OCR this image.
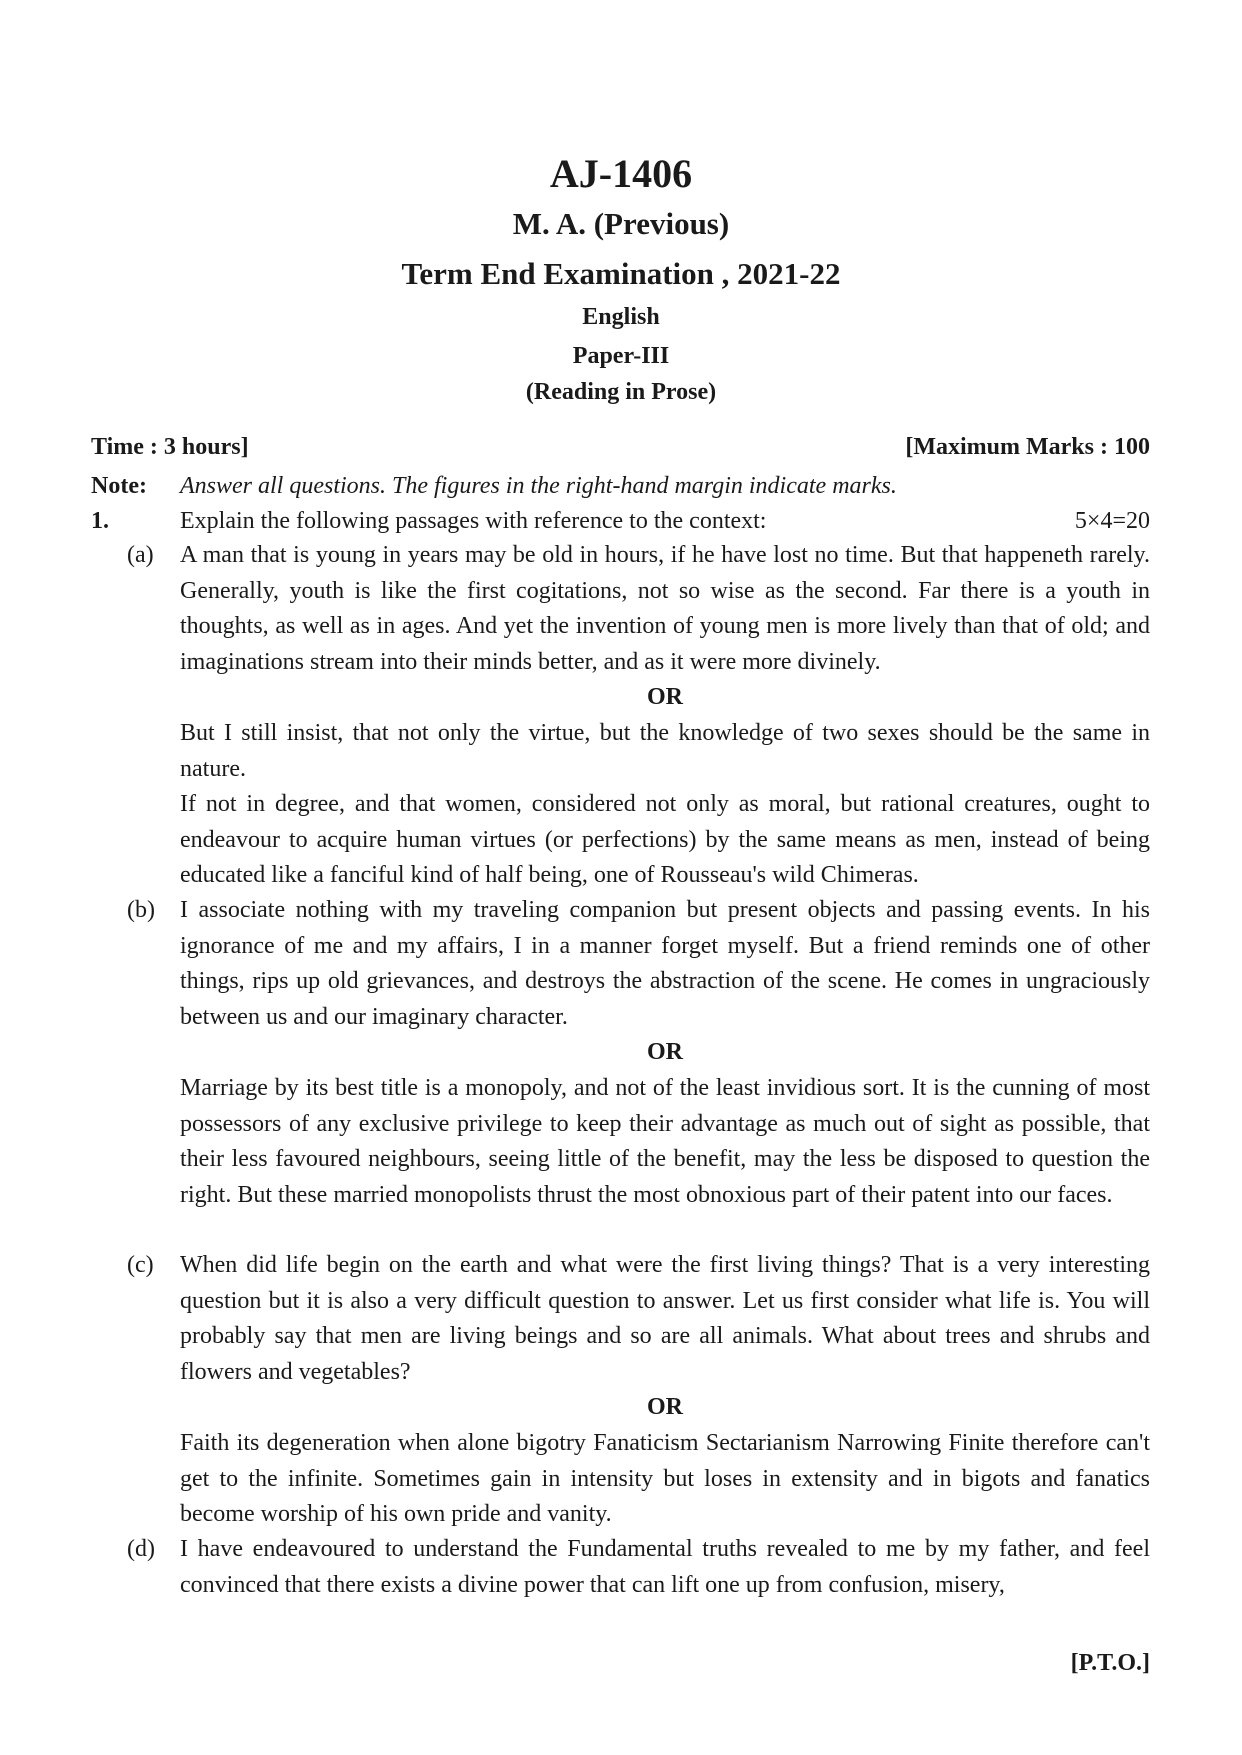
AJ-1406
M. A. (Previous)
Term End Examination , 2021-22
English
Paper-III
(Reading in Prose)
Time : 3 hours]	[Maximum Marks : 100
Note: Answer all questions. The figures in the right-hand margin indicate marks.
1.	Explain the following passages with reference to the context:	5×4=20
(a) A man that is young in years may be old in hours, if he have lost no time. But that happeneth rarely. Generally, youth is like the first cogitations, not so wise as the second. Far there is a youth in thoughts, as well as in ages. And yet the invention of young men is more lively than that of old; and imaginations stream into their minds better, and as it were more divinely.
OR
But I still insist, that not only the virtue, but the knowledge of two sexes should be the same in nature.
If not in degree, and that women, considered not only as moral, but rational creatures, ought to endeavour to acquire human virtues (or perfections) by the same means as men, instead of being educated like a fanciful kind of half being, one of Rousseau's wild Chimeras.
(b) I associate nothing with my traveling companion but present objects and passing events. In his ignorance of me and my affairs, I in a manner forget myself. But a friend reminds one of other things, rips up old grievances, and destroys the abstraction of the scene. He comes in ungraciously between us and our imaginary character.
OR
Marriage by its best title is a monopoly, and not of the least invidious sort. It is the cunning of most possessors of any exclusive privilege to keep their advantage as much out of sight as possible, that their less favoured neighbours, seeing little of the benefit, may the less be disposed to question the right. But these married monopolists thrust the most obnoxious part of their patent into our faces.
(c) When did life begin on the earth and what were the first living things? That is a very interesting question but it is also a very difficult question to answer. Let us first consider what life is. You will probably say that men are living beings and so are all animals. What about trees and shrubs and flowers and vegetables?
OR
Faith its degeneration when alone bigotry Fanaticism Sectarianism Narrowing Finite therefore can't get to the infinite. Sometimes gain in intensity but loses in extensity and in bigots and fanatics become worship of his own pride and vanity.
(d) I have endeavoured to understand the Fundamental truths revealed to me by my father, and feel convinced that there exists a divine power that can lift one up from confusion, misery,
[P.T.O.]
